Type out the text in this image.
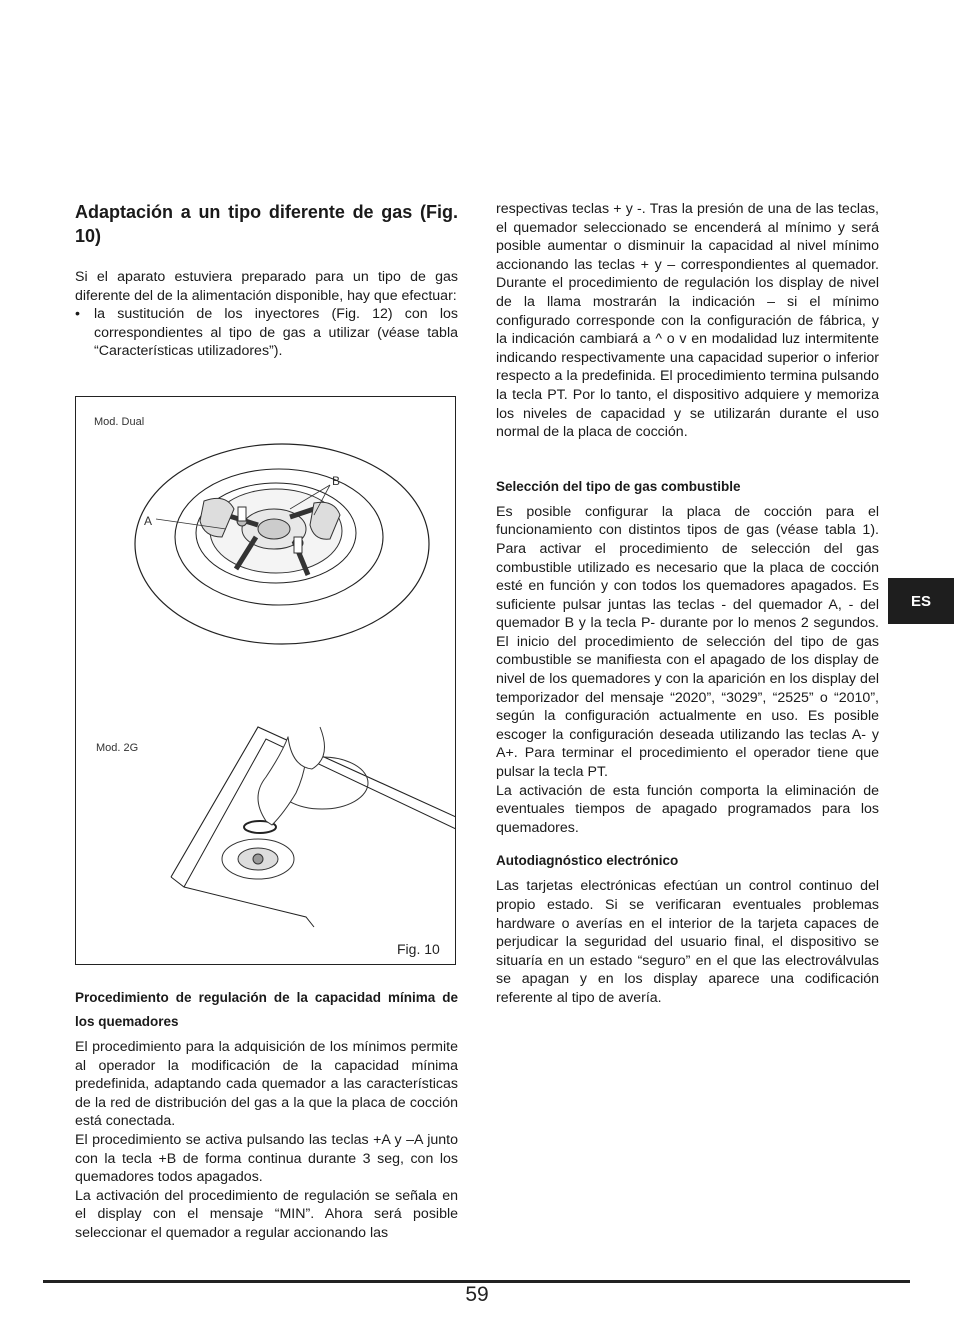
Adaptación a un tipo diferente de gas (Fig. 10)

Si el aparato estuviera preparado para un tipo de gas diferente del de la alimentación disponible, hay que efectuar:

• la sustitución de los inyectores (Fig. 12) con los correspondientes al tipo de gas a utilizar (véase tabla “Características utilizadores”).
Mod. Dual
Mod. 2G
A
B
Fig. 10

Procedimiento de regulación de la capacidad mínima de los quemadores

El procedimiento para la adquisición de los mínimos permite al operador la modificación de la capacidad mínima predefinida, adaptando cada quemador a las características de la red de distribución del gas a la que la placa de cocción está conectada.

El procedimiento se activa pulsando las teclas +A y –A junto con la tecla +B de forma continua durante 3 seg, con los quemadores todos apagados.

La activación del procedimiento de regulación se señala en el display con el mensaje “MIN”. Ahora será posible seleccionar el quemador a regular accionando las

respectivas teclas + y -. Tras la presión de una de las teclas, el quemador seleccionado se encenderá al mínimo y será posible aumentar o disminuir la capacidad al nivel mínimo accionando las teclas + y – correspondientes al quemador. Durante el procedimiento de regulación los display de nivel de la llama mostrarán la indicación – si el mínimo configurado corresponde con la configuración de fábrica, y la indicación cambiará a ^ o v en modalidad luz intermitente indicando respectivamente una capacidad superior o inferior respecto a la predefinida. El procedimiento termina pulsando la tecla PT. Por lo tanto, el dispositivo adquiere y memoriza los niveles de capacidad y se utilizarán durante el uso normal de la placa de cocción.

Selección del tipo de gas combustible

Es posible configurar la placa de cocción para el funcionamiento con distintos tipos de gas (véase tabla 1). Para activar el procedimiento de selección del gas combustible utilizado es necesario que la placa de cocción esté en función y con todos los quemadores apagados. Es suficiente pulsar juntas las teclas - del quemador A, - del quemador B y la tecla P- durante por lo menos 2 segundos. El inicio del procedimiento de selección del tipo de gas combustible se manifiesta con el apagado de los display de nivel de los quemadores y con la aparición en los display del temporizador del mensaje “2020”, “3029”, “2525” o “2010”, según la configuración actualmente en uso. Es posible escoger la configuración deseada utilizando las teclas A- y A+. Para terminar el procedimiento el operador tiene que pulsar la tecla PT.

La activación de esta función comporta la eliminación de eventuales tiempos de apagado programados para los quemadores.

Autodiagnóstico electrónico

Las tarjetas electrónicas efectúan un control continuo del propio estado. Si se verificaran eventuales problemas hardware o averías en el interior de la tarjeta capaces de perjudicar la seguridad del usuario final, el dispositivo se situaría en un estado “seguro” en el que las electroválvulas se apagan y en los display aparece una codificación referente al tipo de avería.

ES
59
